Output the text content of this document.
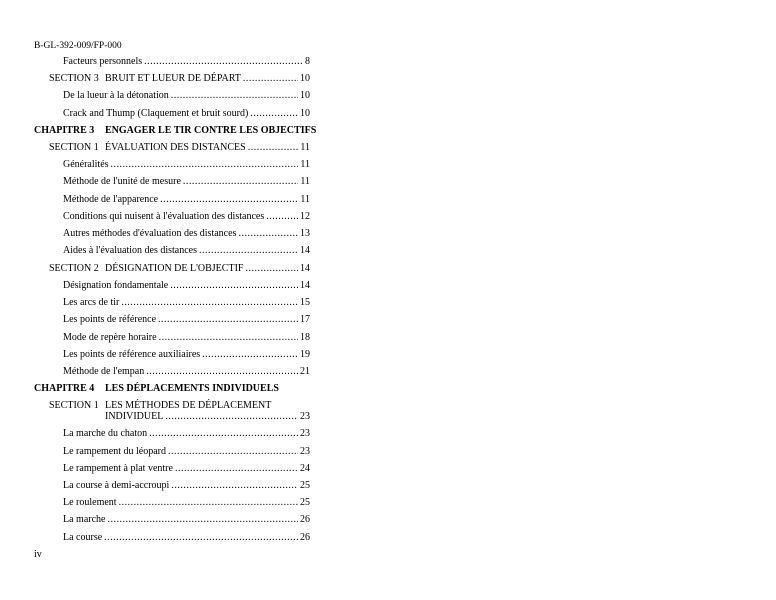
B-GL-392-009/FP-000
Facteurs personnels .....	8
SECTION 3 BRUIT ET LUEUR DE DÉPART .....	10
De la lueur à la détonation .....	10
Crack and Thump (Claquement et bruit sourd) .....	10
CHAPITRE 3	ENGAGER LE TIR CONTRE LES OBJECTIFS
SECTION 1 ÉVALUATION DES DISTANCES .....	11
Généralités .....	11
Méthode de l'unité de mesure .....	11
Méthode de l'apparence .....	11
Conditions qui nuisent à l'évaluation des distances .....	12
Autres méthodes d'évaluation des distances .....	13
Aides à l'évaluation des distances .....	14
SECTION 2 DÉSIGNATION DE L'OBJECTIF .....	14
Désignation fondamentale .....	14
Les arcs de tir .....	15
Les points de référence .....	17
Mode de repère horaire .....	18
Les points de référence auxiliaires .....	19
Méthode de l'empan .....	21
CHAPITRE 4	LES DÉPLACEMENTS INDIVIDUELS
SECTION 1 LES MÉTHODES DE DÉPLACEMENT
INDIVIDUEL .....	23
La marche du chaton .....	23
Le rampement du léopard .....	23
Le rampement à plat ventre .....	24
La course à demi-accroupi .....	25
Le roulement .....	25
La marche .....	26
La course .....	26
iv
